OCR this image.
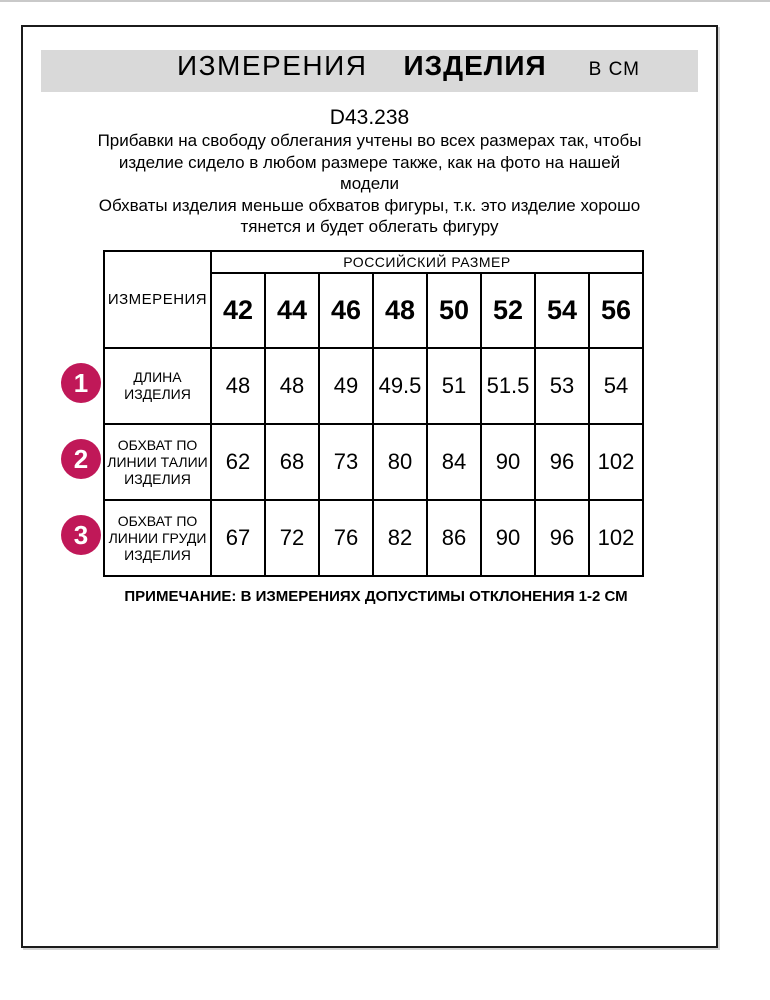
ИЗМЕРЕНИЯ ИЗДЕЛИЯ В СМ
D43.238
Прибавки на свободу облегания учтены во всех размерах так, чтобы
изделие сидело в любом размере также, как на фото на нашей
модели
Обхваты изделия меньше обхватов фигуры, т.к. это изделие хорошо
тянется и будет облегать фигуру
ИЗМЕРЕНИЯ	РОССИЙСКИЙ РАЗМЕР							
	42	44	46	48	50	52	54	56

ДЛИНА
ИЗДЕЛИЯ	48	48	49	49.5	51	51.5	53	54

ОБХВАТ ПО
ЛИНИИ ТАЛИИ
ИЗДЕЛИЯ	62	68	73	80	84	90	96	102

ОБХВАТ ПО
ЛИНИИ ГРУДИ
ИЗДЕЛИЯ	67	72	76	82	86	90	96	102
1
2
3
ПРИМЕЧАНИЕ: В ИЗМЕРЕНИЯХ ДОПУСТИМЫ ОТКЛОНЕНИЯ 1-2 СМ
